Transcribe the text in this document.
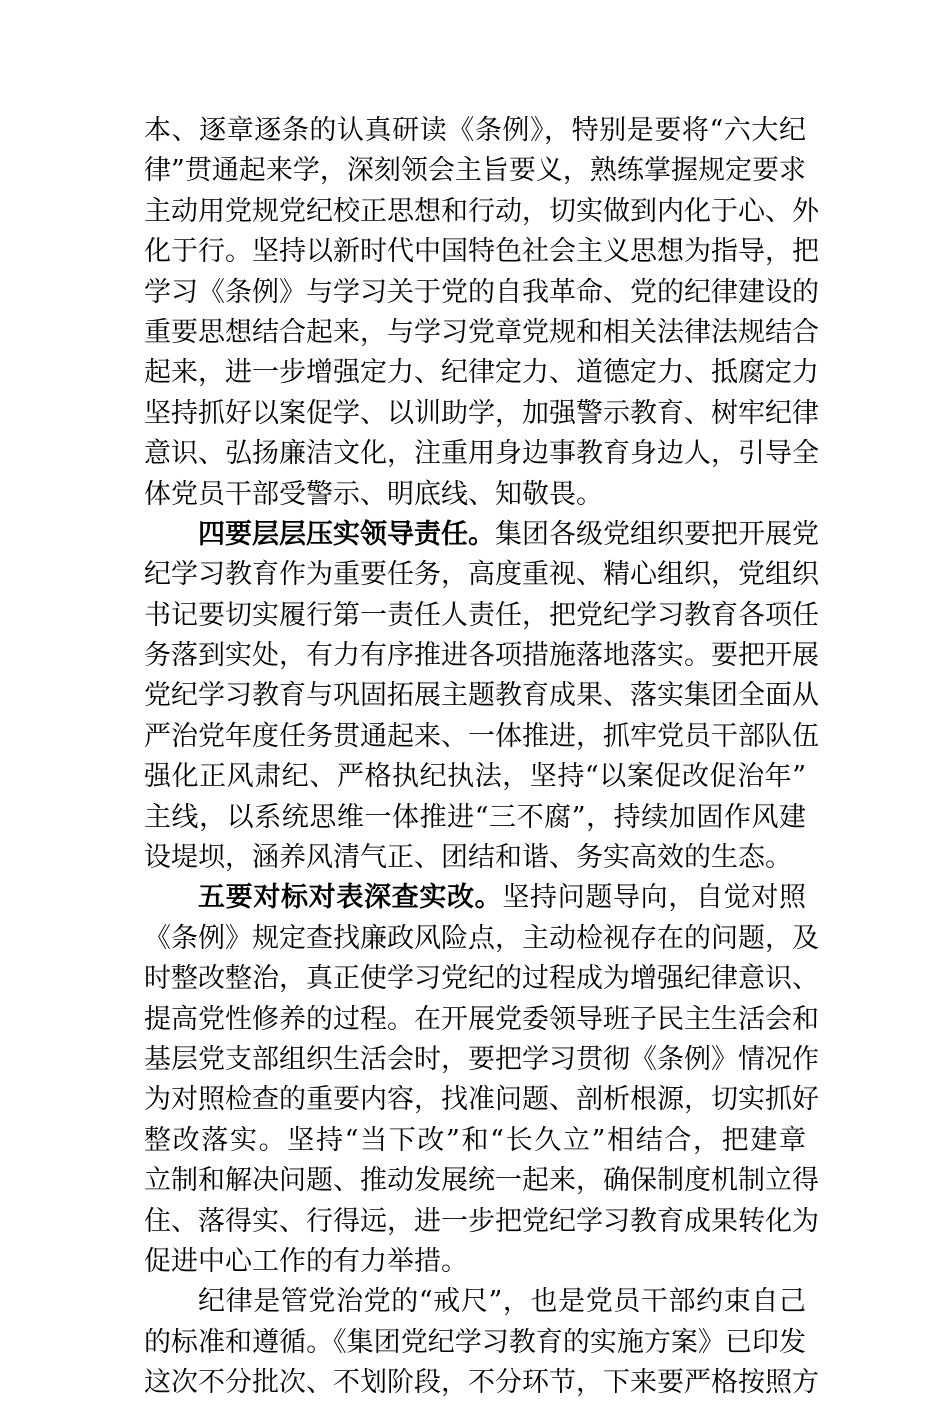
本、逐章逐条的认真研读《条例》，特别是要将“六大纪
律”贯通起来学，深刻领会主旨要义，熟练掌握规定要求
主动用党规党纪校正思想和行动，切实做到内化于心、外
化于行。坚持以新时代中国特色社会主义思想为指导，把
学习《条例》与学习关于党的自我革命、党的纪律建设的
重要思想结合起来，与学习党章党规和相关法律法规结合
起来，进一步增强定力、纪律定力、道德定力、抵腐定力
坚持抓好以案促学、以训助学，加强警示教育、树牢纪律
意识、弘扬廉洁文化，注重用身边事教育身边人，引导全
体党员干部受警示、明底线、知敬畏。
四要层层压实领导责任。集团各级党组织要把开展党
纪学习教育作为重要任务，高度重视、精心组织，党组织
书记要切实履行第一责任人责任，把党纪学习教育各项任
务落到实处，有力有序推进各项措施落地落实。要把开展
党纪学习教育与巩固拓展主题教育成果、落实集团全面从
严治党年度任务贯通起来、一体推进，抓牢党员干部队伍
强化正风肃纪、严格执纪执法，坚持“以案促改促治年”
主线，以系统思维一体推进“三不腐”，持续加固作风建
设堤坝，涵养风清气正、团结和谐、务实高效的生态。
五要对标对表深查实改。坚持问题导向，自觉对照
《条例》规定查找廉政风险点，主动检视存在的问题，及
时整改整治，真正使学习党纪的过程成为增强纪律意识、
提高党性修养的过程。在开展党委领导班子民主生活会和
基层党支部组织生活会时，要把学习贯彻《条例》情况作
为对照检查的重要内容，找准问题、剖析根源，切实抓好
整改落实。坚持“当下改”和“长久立”相结合，把建章
立制和解决问题、推动发展统一起来，确保制度机制立得
住、落得实、行得远，进一步把党纪学习教育成果转化为
促进中心工作的有力举措。
纪律是管党治党的“戒尺”，也是党员干部约束自己
的标准和遵循。《集团党纪学习教育的实施方案》已印发
这次不分批次、不划阶段，不分环节，下来要严格按照方
